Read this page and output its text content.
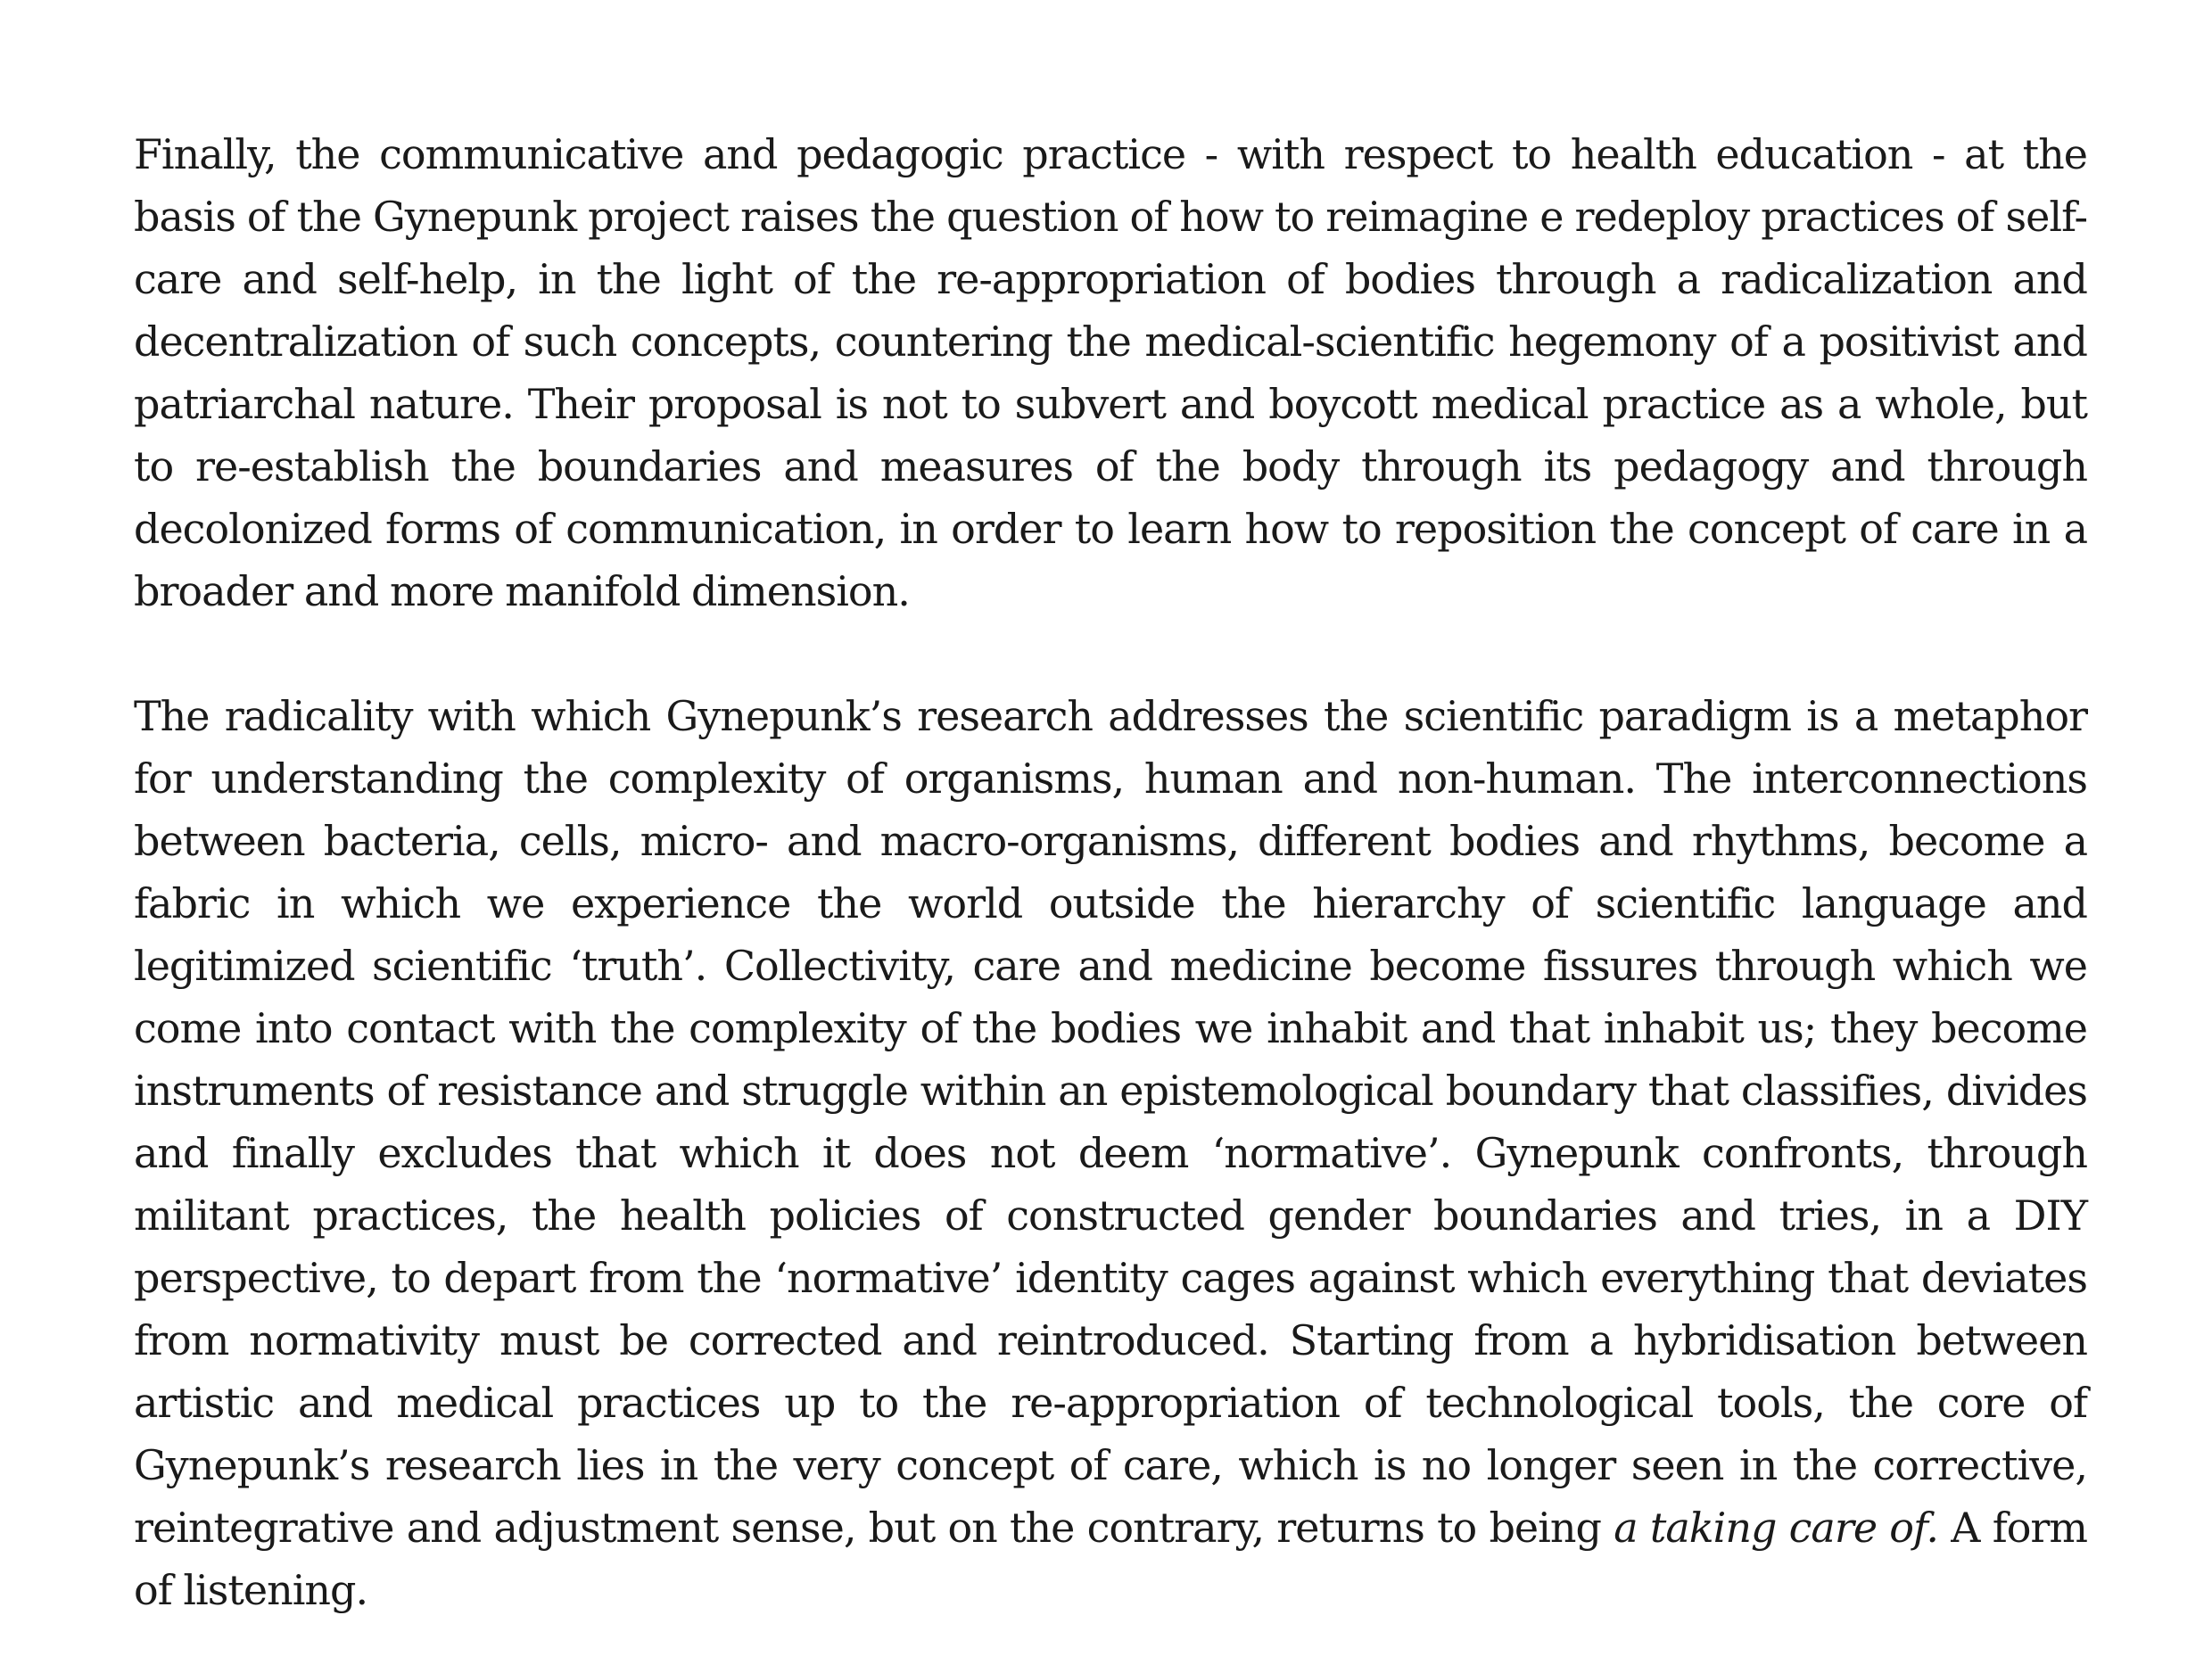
Finally, the communicative and pedagogic practice - with respect to health education - at the basis of the Gynepunk project raises the question of how to reimagine e redeploy practices of self-care and self-help, in the light of the re-appropriation of bodies through a radicalization and decentralization of such concepts, countering the medical-scientific hegemony of a positivist and patriarchal nature. Their proposal is not to subvert and boycott medical practice as a whole, but to re-establish the boundaries and measures of the body through its pedagogy and through decolonized forms of communication, in order to learn how to reposition the concept of care in a broader and more manifold dimension.

The radicality with which Gynepunk’s research addresses the scientific paradigm is a metaphor for understanding the complexity of organisms, human and non-human. The interconnections between bacteria, cells, micro- and macro-organisms, different bodies and rhythms, become a fabric in which we experience the world outside the hierarchy of scientific language and legitimized scientific ‘truth’. Collectivity, care and medicine become fissures through which we come into contact with the complexity of the bodies we inhabit and that inhabit us; they become instruments of resistance and struggle within an epistemological boundary that classifies, divides and finally excludes that which it does not deem ‘normative’. Gynepunk confronts, through militant practices, the health policies of constructed gender boundaries and tries, in a DIY perspective, to depart from the ‘normative’ identity cages against which everything that deviates from normativity must be corrected and reintroduced. Starting from a hybridisation between artistic and medical practices up to the re-appropriation of technological tools, the core of Gynepunk’s research lies in the very concept of care, which is no longer seen in the corrective, reintegrative and adjustment sense, but on the contrary, returns to being a taking care of. A form of listening.
